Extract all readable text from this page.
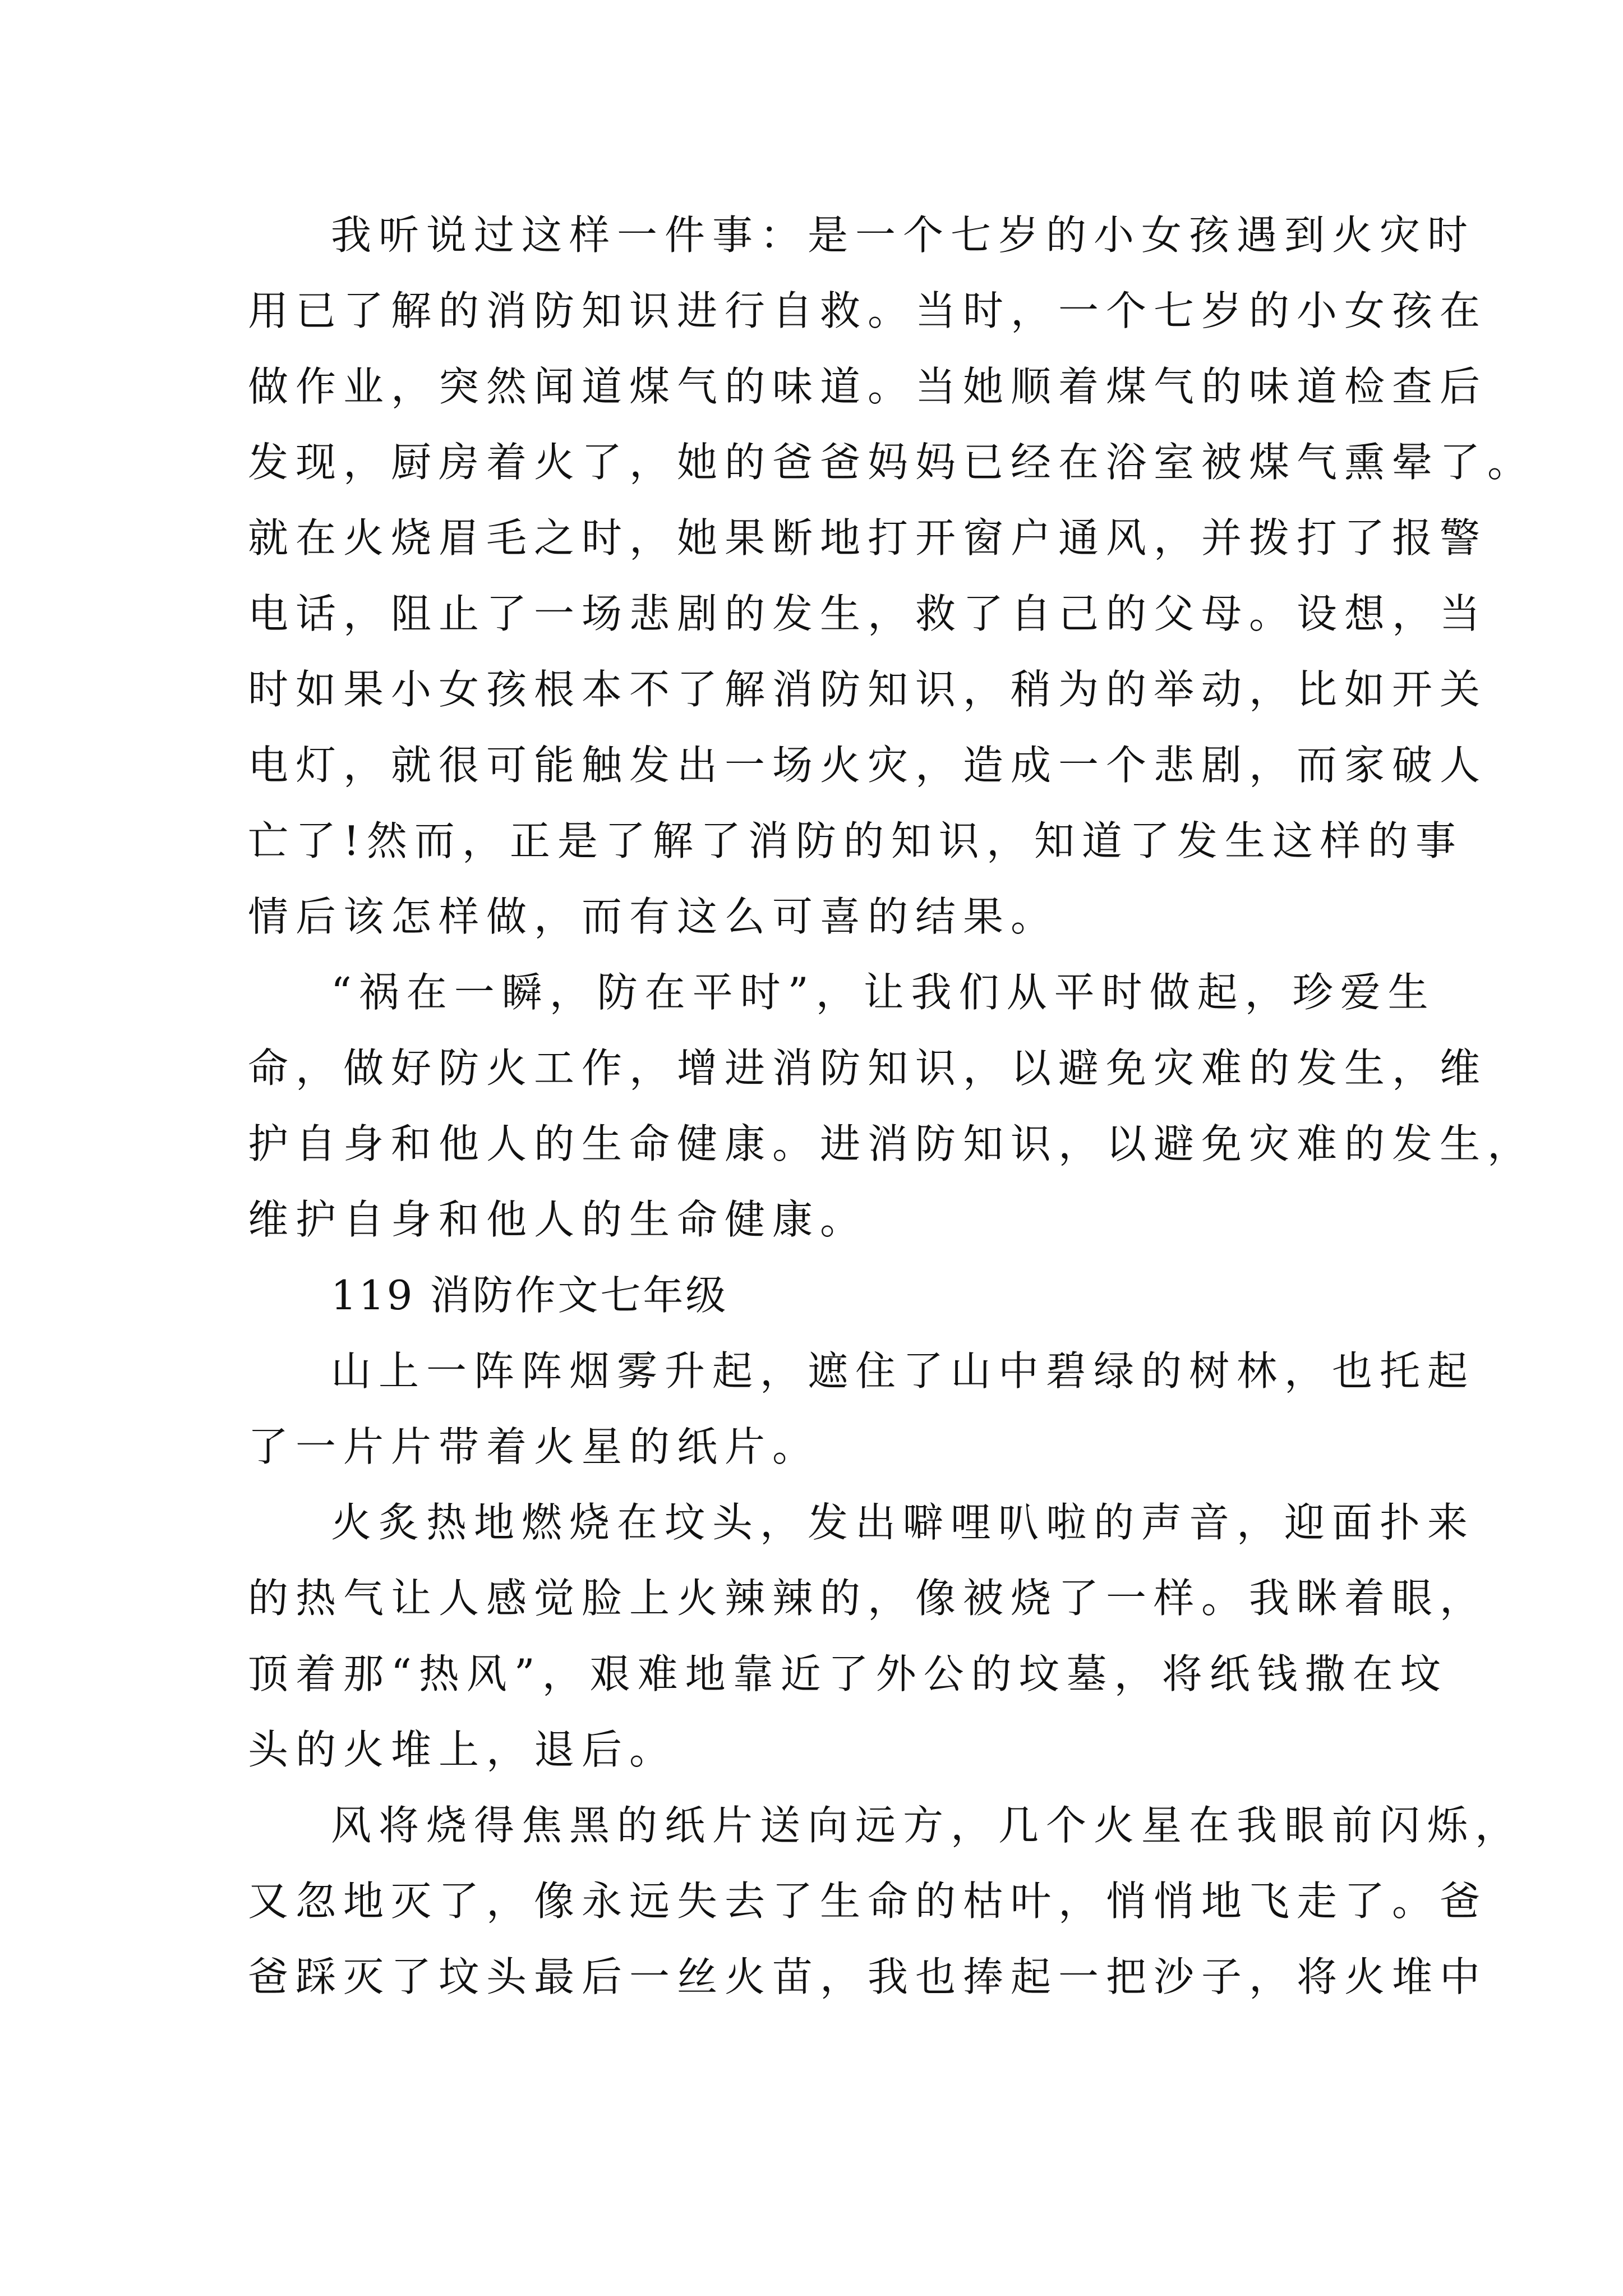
我听说过这样一件事：是一个七岁的小女孩遇到火灾时
用已了解的消防知识进行自救。当时，一个七岁的小女孩在
做作业，突然闻道煤气的味道。当她顺着煤气的味道检查后
发现，厨房着火了，她的爸爸妈妈已经在浴室被煤气熏晕了。
就在火烧眉毛之时，她果断地打开窗户通风，并拨打了报警
电话，阻止了一场悲剧的发生，救了自己的父母。设想，当
时如果小女孩根本不了解消防知识，稍为的举动，比如开关
电灯，就很可能触发出一场火灾，造成一个悲剧，而家破人
亡了!然而，正是了解了消防的知识，知道了发生这样的事
情后该怎样做，而有这么可喜的结果。
“祸在一瞬，防在平时”，让我们从平时做起，珍爱生
命，做好防火工作，增进消防知识，以避免灾难的发生，维
护自身和他人的生命健康。进消防知识，以避免灾难的发生，
维护自身和他人的生命健康。
119 消防作文七年级
山上一阵阵烟雾升起，遮住了山中碧绿的树林，也托起
了一片片带着火星的纸片。
火炙热地燃烧在坟头，发出噼哩叭啦的声音，迎面扑来
的热气让人感觉脸上火辣辣的，像被烧了一样。我眯着眼，
顶着那“热风”，艰难地靠近了外公的坟墓，将纸钱撒在坟
头的火堆上，退后。
风将烧得焦黑的纸片送向远方，几个火星在我眼前闪烁，
又忽地灭了，像永远失去了生命的枯叶，悄悄地飞走了。爸
爸踩灭了坟头最后一丝火苗，我也捧起一把沙子，将火堆中
